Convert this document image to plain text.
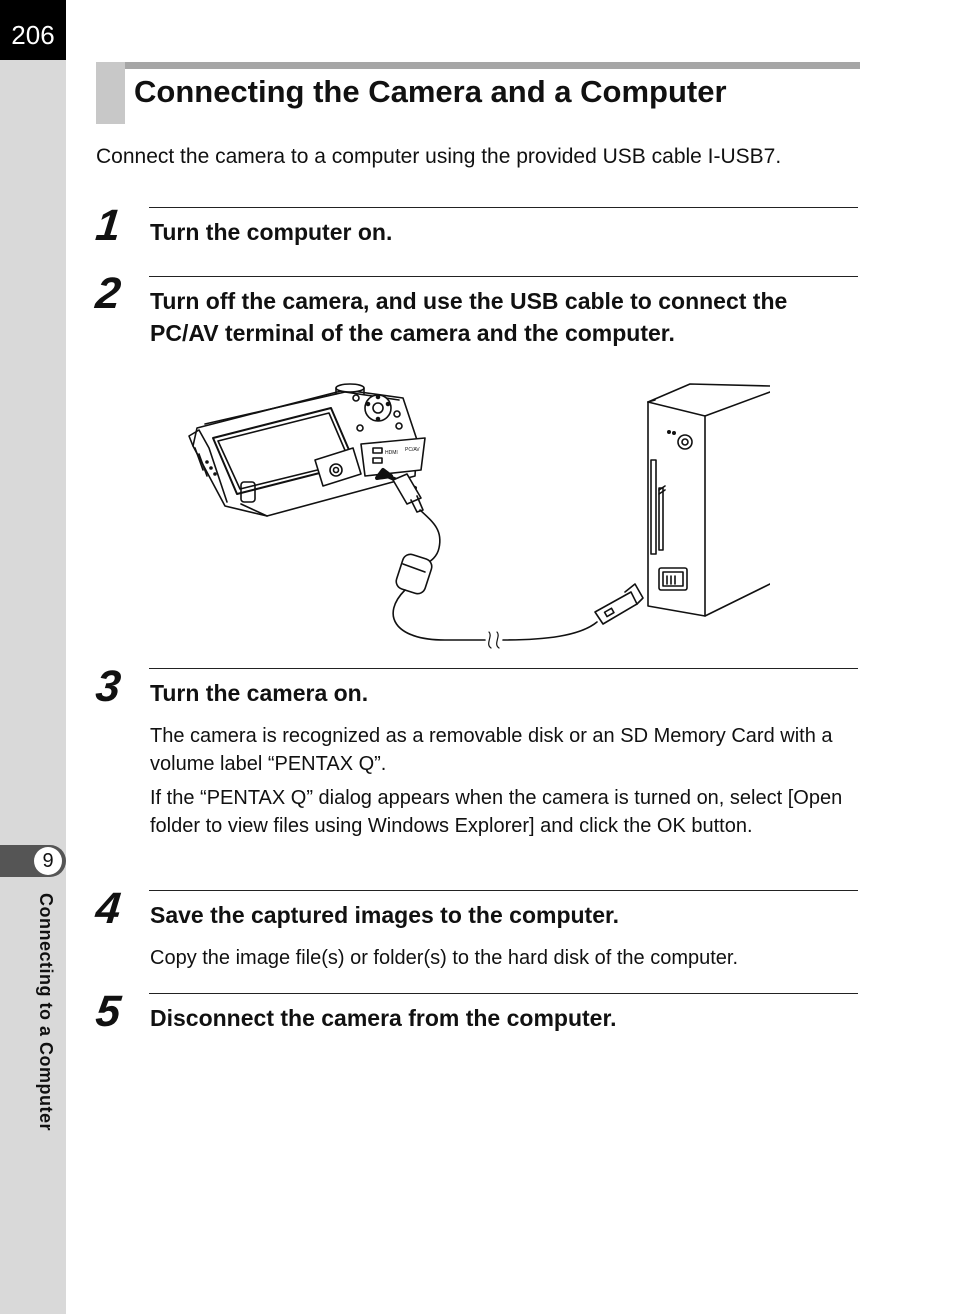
206
9
Connecting to a Computer
Connecting the Camera and a Computer
Connect the camera to a computer using the provided USB cable I-USB7.
1 Turn the computer on.
2 Turn off the camera, and use the USB cable to connect the PC/AV terminal of the camera and the computer.
HDMI PC/AV
3 Turn the camera on.

The camera is recognized as a removable disk or an SD Memory Card with a volume label “PENTAX Q”.

If the “PENTAX Q” dialog appears when the camera is turned on, select [Open folder to view files using Windows Explorer] and click the OK button.

4 Save the captured images to the computer.

Copy the image file(s) or folder(s) to the hard disk of the computer.

5 Disconnect the camera from the computer.
